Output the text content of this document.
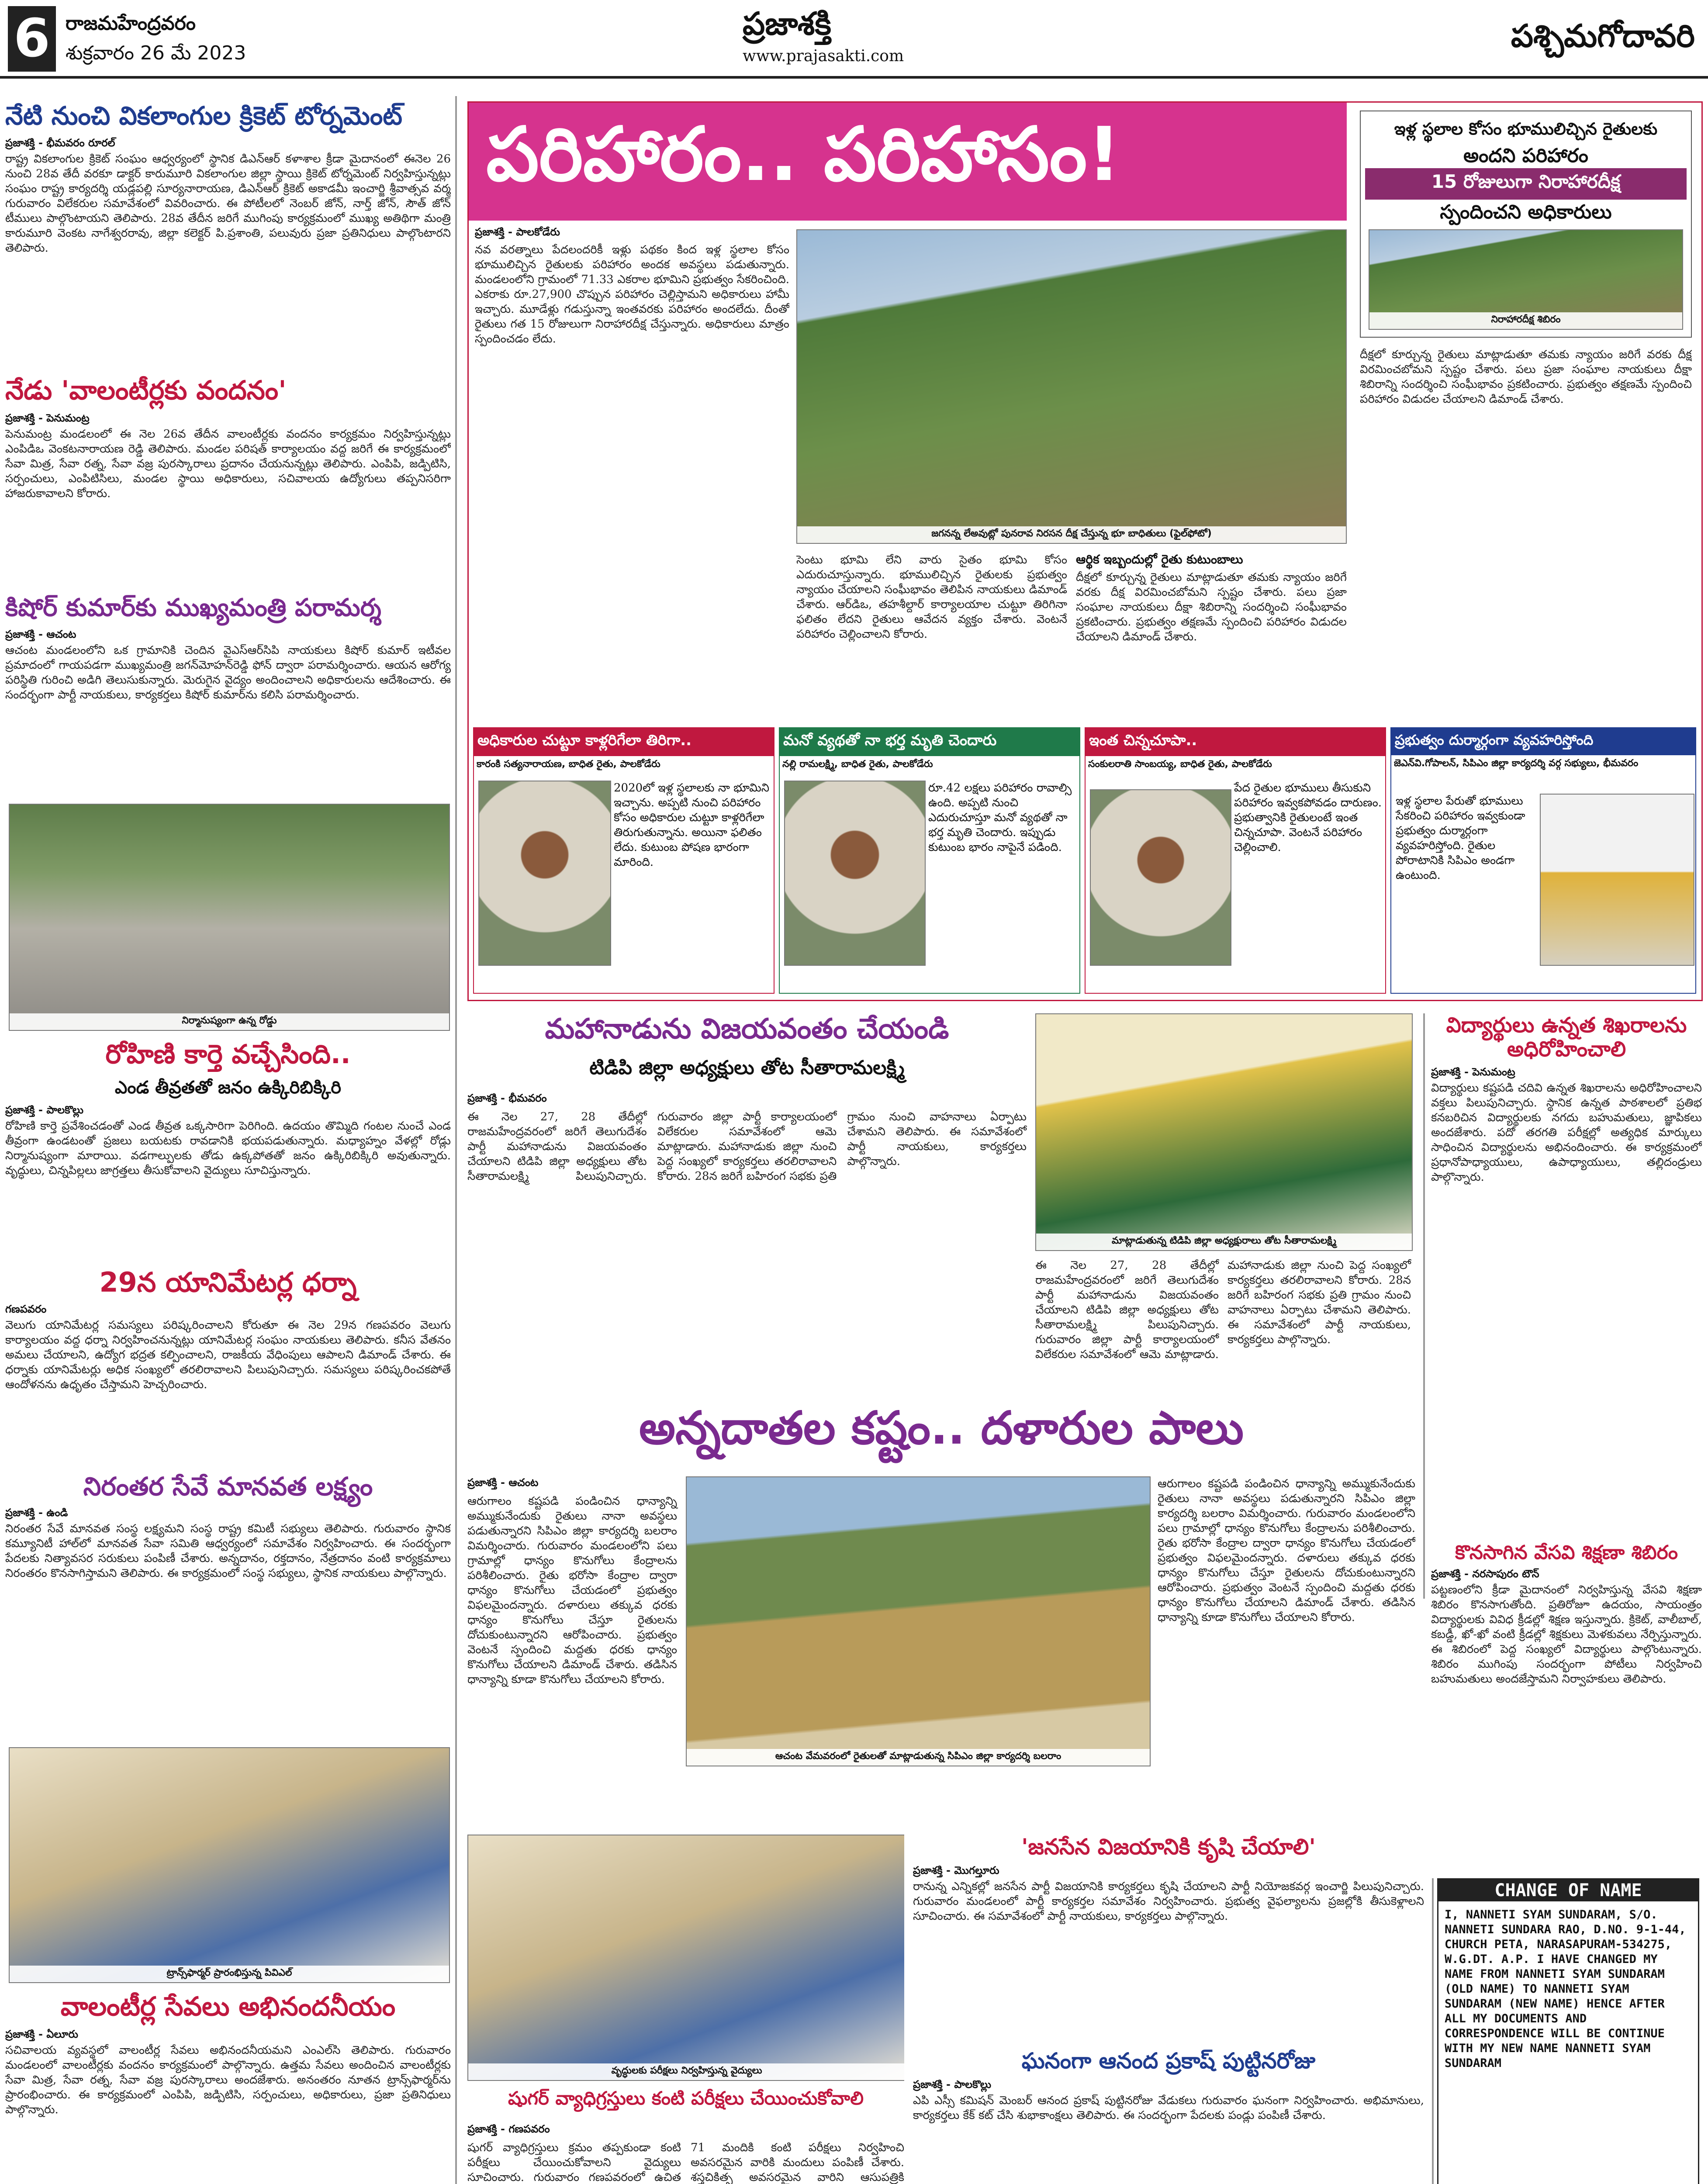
6 రాజమహేంద్రవరం
శుక్రవారం 26 మే 2023
ప్రజాశక్తి
www.prajasakti.com
పశ్చిమగోదావరి
నేటి నుంచి వికలాంగుల క్రికెట్ టోర్నమెంట్
ప్రజాశక్తి - భీమవరం రూరల్
రాష్ట్ర వికలాంగుల క్రికెట్ సంఘం ఆధ్వర్యంలో స్థానిక డిఎన్ఆర్ కళాశాల క్రీడా మైదానంలో ఈనెల 26 నుంచి 28వ తేదీ వరకూ డాక్టర్ కారుమూరి వికలాంగుల జిల్లా స్థాయి క్రికెట్ టోర్నమెంట్ నిర్వహిస్తున్నట్లు సంఘం రాష్ట్ర కార్యదర్శి యడ్లపల్లి సూర్యనారాయణ, డిఎన్ఆర్ క్రికెట్ అకాడమీ ఇంచార్జి శ్రీవాత్సవ వర్మ గురువారం విలేకరుల సమావేశంలో వివరించారు. ఈ పోటీలలో నెంబర్ జోన్, నార్త్ జోన్, సౌత్ జోన్ టీములు పాల్గొంటాయని తెలిపారు. 28వ తేదీన జరిగే ముగింపు కార్యక్రమంలో ముఖ్య అతిథిగా మంత్రి కారుమూరి వెంకట నాగేశ్వరరావు, జిల్లా కలెక్టర్ పి.ప్రశాంతి, పలువురు ప్రజా ప్రతినిధులు పాల్గొంటారని తెలిపారు.
నేడు 'వాలంటీర్లకు వందనం'
ప్రజాశక్తి - పెనుమంట్ర
పెనుమంట్ర మండలంలో ఈ నెల 26వ తేదీన వాలంటీర్లకు వందనం కార్యక్రమం నిర్వహిస్తున్నట్లు ఎంపిడిఒ వెంకటనారాయణ రెడ్డి తెలిపారు. మండల పరిషత్ కార్యాలయం వద్ద జరిగే ఈ కార్యక్రమంలో సేవా మిత్ర, సేవా రత్న, సేవా వజ్ర పురస్కారాలు ప్రదానం చేయనున్నట్లు తెలిపారు. ఎంపిపి, జడ్పిటిసి, సర్పంచులు, ఎంపిటిసిలు, మండల స్థాయి అధికారులు, సచివాలయ ఉద్యోగులు తప్పనిసరిగా హాజరుకావాలని కోరారు.
కిషోర్ కుమార్‌కు ముఖ్యమంత్రి పరామర్శ
ప్రజాశక్తి - ఆచంట
ఆచంట మండలంలోని ఒక గ్రామానికి చెందిన వైఎస్‌ఆర్‌సిపి నాయకులు కిషోర్ కుమార్ ఇటీవల ప్రమాదంలో గాయపడగా ముఖ్యమంత్రి జగన్‌మోహన్‌రెడ్డి ఫోన్ ద్వారా పరామర్శించారు. ఆయన ఆరోగ్య పరిస్థితి గురించి అడిగి తెలుసుకున్నారు. మెరుగైన వైద్యం అందించాలని అధికారులను ఆదేశించారు. ఈ సందర్భంగా పార్టీ నాయకులు, కార్యకర్తలు కిషోర్ కుమార్‌ను కలిసి పరామర్శించారు.
నిర్మానుష్యంగా ఉన్న రోడ్డు
రోహిణి కార్తె వచ్చేసింది..
ఎండ తీవ్రతతో జనం ఉక్కిరిబిక్కిరి
ప్రజాశక్తి - పాలకొల్లు
రోహిణి కార్తె ప్రవేశించడంతో ఎండ తీవ్రత ఒక్కసారిగా పెరిగింది. ఉదయం తొమ్మిది గంటల నుంచే ఎండ తీవ్రంగా ఉండటంతో ప్రజలు బయటకు రావడానికి భయపడుతున్నారు. మధ్యాహ్నం వేళల్లో రోడ్లు నిర్మానుష్యంగా మారాయి. వడగాల్పులకు తోడు ఉక్కపోతతో జనం ఉక్కిరిబిక్కిరి అవుతున్నారు. వృద్ధులు, చిన్నపిల్లలు జాగ్రత్తలు తీసుకోవాలని వైద్యులు సూచిస్తున్నారు.
29న యానిమేటర్ల ధర్నా
గణపవరం
వెలుగు యానిమేటర్ల సమస్యలు పరిష్కరించాలని కోరుతూ ఈ నెల 29న గణపవరం వెలుగు కార్యాలయం వద్ద ధర్నా నిర్వహించనున్నట్లు యానిమేటర్ల సంఘం నాయకులు తెలిపారు. కనీస వేతనం అమలు చేయాలని, ఉద్యోగ భద్రత కల్పించాలని, రాజకీయ వేధింపులు ఆపాలని డిమాండ్ చేశారు. ఈ ధర్నాకు యానిమేటర్లు అధిక సంఖ్యలో తరలిరావాలని పిలుపునిచ్చారు. సమస్యలు పరిష్కరించకపోతే ఆందోళనను ఉధృతం చేస్తామని హెచ్చరించారు.
నిరంతర సేవే మానవత లక్ష్యం
ప్రజాశక్తి - ఉండి
నిరంతర సేవే మానవత సంస్థ లక్ష్యమని సంస్థ రాష్ట్ర కమిటీ సభ్యులు తెలిపారు. గురువారం స్థానిక కమ్యూనిటీ హాల్‌లో మానవత సేవా సమితి ఆధ్వర్యంలో సమావేశం నిర్వహించారు. ఈ సందర్భంగా పేదలకు నిత్యావసర సరుకులు పంపిణీ చేశారు. అన్నదానం, రక్తదానం, నేత్రదానం వంటి కార్యక్రమాలు నిరంతరం కొనసాగిస్తామని తెలిపారు. ఈ కార్యక్రమంలో సంస్థ సభ్యులు, స్థానిక నాయకులు పాల్గొన్నారు.
ట్రాన్స్‌ఫార్మర్ ప్రారంభిస్తున్న పివిఎల్
వాలంటీర్ల సేవలు అభినందనీయం
ప్రజాశక్తి - ఏలూరు
సచివాలయ వ్యవస్థలో వాలంటీర్ల సేవలు అభినందనీయమని ఎంఎల్‌సి తెలిపారు. గురువారం మండలంలో వాలంటీర్లకు వందనం కార్యక్రమంలో పాల్గొన్నారు. ఉత్తమ సేవలు అందించిన వాలంటీర్లకు సేవా మిత్ర, సేవా రత్న, సేవా వజ్ర పురస్కారాలు అందజేశారు. అనంతరం నూతన ట్రాన్స్‌ఫార్మర్‌ను ప్రారంభించారు. ఈ కార్యక్రమంలో ఎంపిపి, జడ్పిటిసి, సర్పంచులు, అధికారులు, ప్రజా ప్రతినిధులు పాల్గొన్నారు.
పరిహారం.. పరిహాసం!	ఇళ్ల స్థలాల కోసం భూములిచ్చిన రైతులకు
అందని పరిహారం
15 రోజులుగా నిరాహారదీక్ష
స్పందించని అధికారులు
నిరాహారదీక్ష శిబిరం
ప్రజాశక్తి - పాలకోడేరు
నవ వరత్నాలు పేదలందరికీ ఇళ్లు పథకం కింద ఇళ్ల స్థలాల కోసం భూములిచ్చిన రైతులకు పరిహారం అందక అవస్థలు పడుతున్నారు. మండలంలోని గ్రామంలో 71.33 ఎకరాల భూమిని ప్రభుత్వం సేకరించింది. ఎకరాకు రూ.27,900 చొప్పున పరిహారం చెల్లిస్తామని అధికారులు హామీ ఇచ్చారు. మూడేళ్లు గడుస్తున్నా ఇంతవరకు పరిహారం అందలేదు. దీంతో రైతులు గత 15 రోజులుగా నిరాహారదీక్ష చేస్తున్నారు. అధికారులు మాత్రం స్పందించడం లేదు.
జగనన్న లేఅవుట్లో పునరావ నిరసన దీక్ష చేస్తున్న భూ బాధితులు (ఫైల్‌ఫోటో)
సెంటు భూమి లేని వారు సైతం భూమి కోసం ఎదురుచూస్తున్నారు. భూములిచ్చిన రైతులకు ప్రభుత్వం న్యాయం చేయాలని సంఘీభావం తెలిపిన నాయకులు డిమాండ్ చేశారు. ఆర్‌డిఒ, తహశీల్దార్ కార్యాలయాల చుట్టూ తిరిగినా ఫలితం లేదని రైతులు ఆవేదన వ్యక్తం చేశారు. వెంటనే పరిహారం చెల్లించాలని కోరారు.
ఆర్థిక ఇబ్బందుల్లో రైతు కుటుంబాలు
దీక్షలో కూర్చున్న రైతులు మాట్లాడుతూ తమకు న్యాయం జరిగే వరకు దీక్ష విరమించబోమని స్పష్టం చేశారు. పలు ప్రజా సంఘాల నాయకులు దీక్షా శిబిరాన్ని సందర్శించి సంఘీభావం ప్రకటించారు. ప్రభుత్వం తక్షణమే స్పందించి పరిహారం విడుదల చేయాలని డిమాండ్ చేశారు.
దీక్షలో కూర్చున్న రైతులు మాట్లాడుతూ తమకు న్యాయం జరిగే వరకు దీక్ష విరమించబోమని స్పష్టం చేశారు. పలు ప్రజా సంఘాల నాయకులు దీక్షా శిబిరాన్ని సందర్శించి సంఘీభావం ప్రకటించారు. ప్రభుత్వం తక్షణమే స్పందించి పరిహారం విడుదల చేయాలని డిమాండ్ చేశారు.
అధికారుల చుట్టూ కాళ్లరిగేలా తిరిగా..
కారంకి సత్యనారాయణ, బాధిత రైతు, పాలకోడేరు
2020లో ఇళ్ల స్థలాలకు నా భూమిని ఇచ్చాను. అప్పటి నుంచి పరిహారం కోసం అధికారుల చుట్టూ కాళ్లరిగేలా తిరుగుతున్నాను. అయినా ఫలితం లేదు. కుటుంబ పోషణ భారంగా మారింది.
మనో వ్యథతో నా భర్త మృతి చెందారు
నల్లి రామలక్ష్మి, బాధిత రైతు, పాలకోడేరు
రూ.42 లక్షలు పరిహారం రావాల్సి ఉంది. అప్పటి నుంచి ఎదురుచూస్తూ మనో వ్యథతో నా భర్త మృతి చెందారు. ఇప్పుడు కుటుంబ భారం నాపైనే పడింది.
ఇంత చిన్నచూపా..
సంకులరాతి సాంబయ్య, బాధిత రైతు, పాలకోడేరు
పేద రైతుల భూములు తీసుకుని పరిహారం ఇవ్వకపోవడం దారుణం. ప్రభుత్వానికి రైతులంటే ఇంత చిన్నచూపా. వెంటనే పరిహారం చెల్లించాలి.
ప్రభుత్వం దుర్మార్గంగా వ్యవహరిస్తోంది
జెఎన్‌వి.గోపాలన్, సిపిఎం జిల్లా కార్యదర్శి వర్గ సభ్యులు, భీమవరం
ఇళ్ల స్థలాల పేరుతో భూములు సేకరించి పరిహారం ఇవ్వకుండా ప్రభుత్వం దుర్మార్గంగా వ్యవహరిస్తోంది. రైతుల పోరాటానికి సిపిఎం అండగా ఉంటుంది.
మహానాడును విజయవంతం చేయండి
టిడిపి జిల్లా అధ్యక్షులు తోట సీతారామలక్ష్మి
ప్రజాశక్తి - భీమవరం
ఈ నెల 27, 28 తేదీల్లో రాజమహేంద్రవరంలో జరిగే తెలుగుదేశం పార్టీ మహానాడును విజయవంతం చేయాలని టిడిపి జిల్లా అధ్యక్షులు తోట సీతారామలక్ష్మి పిలుపునిచ్చారు. గురువారం జిల్లా పార్టీ కార్యాలయంలో విలేకరుల సమావేశంలో ఆమె మాట్లాడారు. మహానాడుకు జిల్లా నుంచి పెద్ద సంఖ్యలో కార్యకర్తలు తరలిరావాలని కోరారు. 28న జరిగే బహిరంగ సభకు ప్రతి గ్రామం నుంచి వాహనాలు ఏర్పాటు చేశామని తెలిపారు. ఈ సమావేశంలో పార్టీ నాయకులు, కార్యకర్తలు పాల్గొన్నారు.
మాట్లాడుతున్న టిడిపి జిల్లా అధ్యక్షురాలు తోట సీతారామలక్ష్మి
ఈ నెల 27, 28 తేదీల్లో రాజమహేంద్రవరంలో జరిగే తెలుగుదేశం పార్టీ మహానాడును విజయవంతం చేయాలని టిడిపి జిల్లా అధ్యక్షులు తోట సీతారామలక్ష్మి పిలుపునిచ్చారు. గురువారం జిల్లా పార్టీ కార్యాలయంలో విలేకరుల సమావేశంలో ఆమె మాట్లాడారు. మహానాడుకు జిల్లా నుంచి పెద్ద సంఖ్యలో కార్యకర్తలు తరలిరావాలని కోరారు. 28న జరిగే బహిరంగ సభకు ప్రతి గ్రామం నుంచి వాహనాలు ఏర్పాటు చేశామని తెలిపారు. ఈ సమావేశంలో పార్టీ నాయకులు, కార్యకర్తలు పాల్గొన్నారు.
విద్యార్థులు ఉన్నత శిఖరాలను అధిరోహించాలి
ప్రజాశక్తి - పెనుమంట్ర
విద్యార్థులు కష్టపడి చదివి ఉన్నత శిఖరాలను అధిరోహించాలని వక్తలు పిలుపునిచ్చారు. స్థానిక ఉన్నత పాఠశాలలో ప్రతిభ కనబరిచిన విద్యార్థులకు నగదు బహుమతులు, జ్ఞాపికలు అందజేశారు. పదో తరగతి పరీక్షల్లో అత్యధిక మార్కులు సాధించిన విద్యార్థులను అభినందించారు. ఈ కార్యక్రమంలో ప్రధానోపాధ్యాయులు, ఉపాధ్యాయులు, తల్లిదండ్రులు పాల్గొన్నారు.
అన్నదాతల కష్టం.. దళారుల పాలు
ప్రజాశక్తి - ఆచంట
ఆరుగాలం కష్టపడి పండించిన ధాన్యాన్ని అమ్ముకునేందుకు రైతులు నానా అవస్థలు పడుతున్నారని సిపిఎం జిల్లా కార్యదర్శి బలరాం విమర్శించారు. గురువారం మండలంలోని పలు గ్రామాల్లో ధాన్యం కొనుగోలు కేంద్రాలను పరిశీలించారు. రైతు భరోసా కేంద్రాల ద్వారా ధాన్యం కొనుగోలు చేయడంలో ప్రభుత్వం విఫలమైందన్నారు. దళారులు తక్కువ ధరకు ధాన్యం కొనుగోలు చేస్తూ రైతులను దోచుకుంటున్నారని ఆరోపించారు. ప్రభుత్వం వెంటనే స్పందించి మద్దతు ధరకు ధాన్యం కొనుగోలు చేయాలని డిమాండ్ చేశారు. తడిసిన ధాన్యాన్ని కూడా కొనుగోలు చేయాలని కోరారు.
ఆచంట వేమవరంలో రైతులతో మాట్లాడుతున్న సిపిఎం జిల్లా కార్యదర్శి బలరాం
ఆరుగాలం కష్టపడి పండించిన ధాన్యాన్ని అమ్ముకునేందుకు రైతులు నానా అవస్థలు పడుతున్నారని సిపిఎం జిల్లా కార్యదర్శి బలరాం విమర్శించారు. గురువారం మండలంలోని పలు గ్రామాల్లో ధాన్యం కొనుగోలు కేంద్రాలను పరిశీలించారు. రైతు భరోసా కేంద్రాల ద్వారా ధాన్యం కొనుగోలు చేయడంలో ప్రభుత్వం విఫలమైందన్నారు. దళారులు తక్కువ ధరకు ధాన్యం కొనుగోలు చేస్తూ రైతులను దోచుకుంటున్నారని ఆరోపించారు. ప్రభుత్వం వెంటనే స్పందించి మద్దతు ధరకు ధాన్యం కొనుగోలు చేయాలని డిమాండ్ చేశారు. తడిసిన ధాన్యాన్ని కూడా కొనుగోలు చేయాలని కోరారు.
కొనసాగిన వేసవి శిక్షణా శిబిరం
ప్రజాశక్తి - నరసాపురం టౌన్
పట్టణంలోని క్రీడా మైదానంలో నిర్వహిస్తున్న వేసవి శిక్షణా శిబిరం కొనసాగుతోంది. ప్రతిరోజూ ఉదయం, సాయంత్రం విద్యార్థులకు వివిధ క్రీడల్లో శిక్షణ ఇస్తున్నారు. క్రికెట్, వాలీబాల్, కబడ్డీ, ఖో-ఖో వంటి క్రీడల్లో శిక్షకులు మెళకువలు నేర్పిస్తున్నారు. ఈ శిబిరంలో పెద్ద సంఖ్యలో విద్యార్థులు పాల్గొంటున్నారు. శిబిరం ముగింపు సందర్భంగా పోటీలు నిర్వహించి బహుమతులు అందజేస్తామని నిర్వాహకులు తెలిపారు.
CHANGE OF NAME
I, NANNETI SYAM SUNDARAM, S/O. NANNETI SUNDARA RAO, D.NO. 9-1-44, CHURCH PETA, NARASAPURAM-534275, W.G.DT. A.P. I HAVE CHANGED MY NAME FROM NANNETI SYAM SUNDARAM (OLD NAME) TO NANNETI SYAM SUNDARAM (NEW NAME) HENCE AFTER ALL MY DOCUMENTS AND CORRESPONDENCE WILL BE CONTINUE WITH MY NEW NAME NANNETI SYAM SUNDARAM
వృద్ధులకు పరీక్షలు నిర్వహిస్తున్న వైద్యులు
షుగర్ వ్యాధిగ్రస్తులు కంటి పరీక్షలు చేయించుకోవాలి
ప్రజాశక్తి - గణపవరం
షుగర్ వ్యాధిగ్రస్తులు క్రమం తప్పకుండా కంటి పరీక్షలు చేయించుకోవాలని వైద్యులు సూచించారు. గురువారం గణపవరంలో ఉచిత 71 మందికి కంటి పరీక్షలు నిర్వహించి అవసరమైన వారికి మందులు పంపిణీ చేశారు. శస్త్రచికిత్స అవసరమైన వారిని ఆసుపత్రికి
'జనసేన విజయానికి కృషి చేయాలి'
ప్రజాశక్తి - మొగల్తూరు
రానున్న ఎన్నికల్లో జనసేన పార్టీ విజయానికి కార్యకర్తలు కృషి చేయాలని పార్టీ నియోజకవర్గ ఇంచార్జి పిలుపునిచ్చారు. గురువారం మండలంలో పార్టీ కార్యకర్తల సమావేశం నిర్వహించారు. ప్రభుత్వ వైఫల్యాలను ప్రజల్లోకి తీసుకెళ్లాలని సూచించారు. ఈ సమావేశంలో పార్టీ నాయకులు, కార్యకర్తలు పాల్గొన్నారు.
ఘనంగా ఆనంద ప్రకాష్ పుట్టినరోజు
ప్రజాశక్తి - పాలకొల్లు
ఎపి ఎస్సీ కమిషన్ మెంబర్ ఆనంద ప్రకాష్ పుట్టినరోజు వేడుకలు గురువారం ఘనంగా నిర్వహించారు. అభిమానులు, కార్యకర్తలు కేక్ కట్ చేసి శుభాకాంక్షలు తెలిపారు. ఈ సందర్భంగా పేదలకు పండ్లు పంపిణీ చేశారు.
